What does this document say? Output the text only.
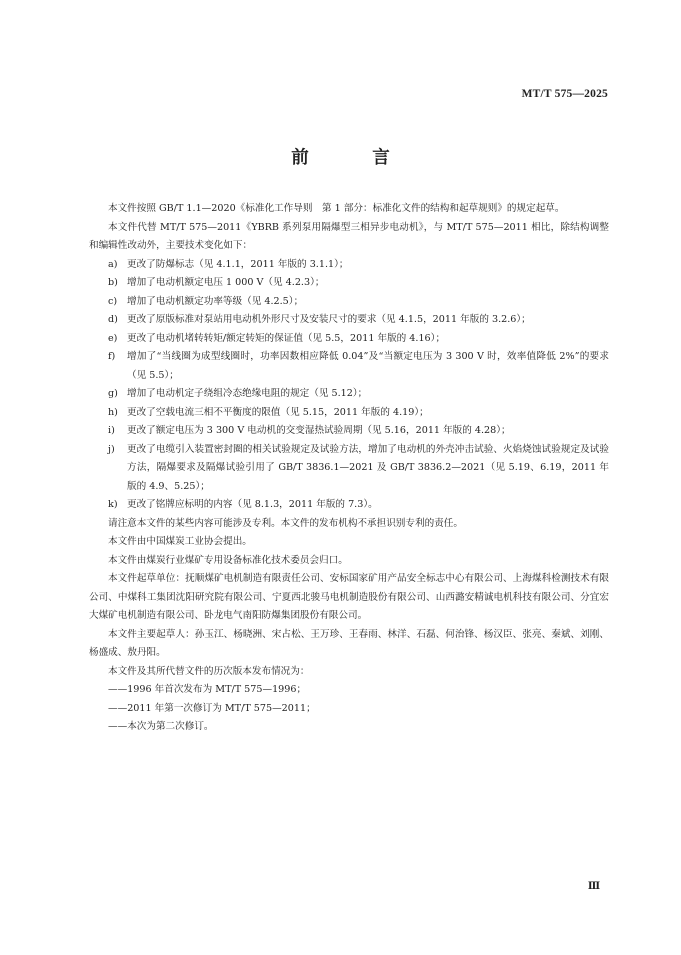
MT/T 575—2025
前　言

本文件按照 GB/T 1.1—2020《标准化工作导则　第 1 部分：标准化文件的结构和起草规则》的规定起草。

本文件代替 MT/T 575—2011《YBRB 系列泵用隔爆型三相异步电动机》，与 MT/T 575—2011 相比，除结构调整和编辑性改动外，主要技术变化如下：

a) 更改了防爆标志（见 4.1.1，2011 年版的 3.1.1）；
b) 增加了电动机额定电压 1 000 V（见 4.2.3）；
c)	增加了电动机额定功率等级（见 4.2.5）；
d) 更改了原版标准对泵站用电动机外形尺寸及安装尺寸的要求（见 4.1.5，2011 年版的 3.2.6）；
e) 更改了电动机堵转转矩/额定转矩的保证值（见 5.5，2011 年版的 4.16）；
f)	增加了“当线圈为成型线圈时，功率因数相应降低 0.04”及“当额定电压为 3 300 V 时，效率值降低 2%”的要求（见 5.5）；
g) 增加了电动机定子绕组冷态绝缘电阻的规定（见 5.12）；
h) 更改了空载电流三相不平衡度的限值（见 5.15，2011 年版的 4.19）；
i)	更改了额定电压为 3 300 V 电动机的交变湿热试验周期（见 5.16，2011 年版的 4.28）；
j)	更改了电缆引入装置密封圈的相关试验规定及试验方法，增加了电动机的外壳冲击试验、火焰烧蚀试验规定及试验方法，隔爆要求及隔爆试验引用了 GB/T 3836.1—2021 及 GB/T 3836.2—2021（见 5.19、6.19，2011 年版的 4.9、5.25）；
k) 更改了铭牌应标明的内容（见 8.1.3，2011 年版的 7.3）。

请注意本文件的某些内容可能涉及专利。本文件的发布机构不承担识别专利的责任。

本文件由中国煤炭工业协会提出。

本文件由煤炭行业煤矿专用设备标准化技术委员会归口。

本文件起草单位：抚顺煤矿电机制造有限责任公司、安标国家矿用产品安全标志中心有限公司、上海煤科检测技术有限公司、中煤科工集团沈阳研究院有限公司、宁夏西北骏马电机制造股份有限公司、山西潞安精诚电机科技有限公司、分宜宏大煤矿电机制造有限公司、卧龙电气南阳防爆集团股份有限公司。

本文件主要起草人：孙玉江、杨晓洲、宋占松、王万珍、王春雨、林洋、石磊、何治锋、杨汉臣、张亮、秦斌、刘刚、杨盛成、敖丹阳。

本文件及其所代替文件的历次版本发布情况为：

——1996 年首次发布为 MT/T 575—1996；

——2011 年第一次修订为 MT/T 575—2011；

——本次为第二次修订。

Ⅲ
